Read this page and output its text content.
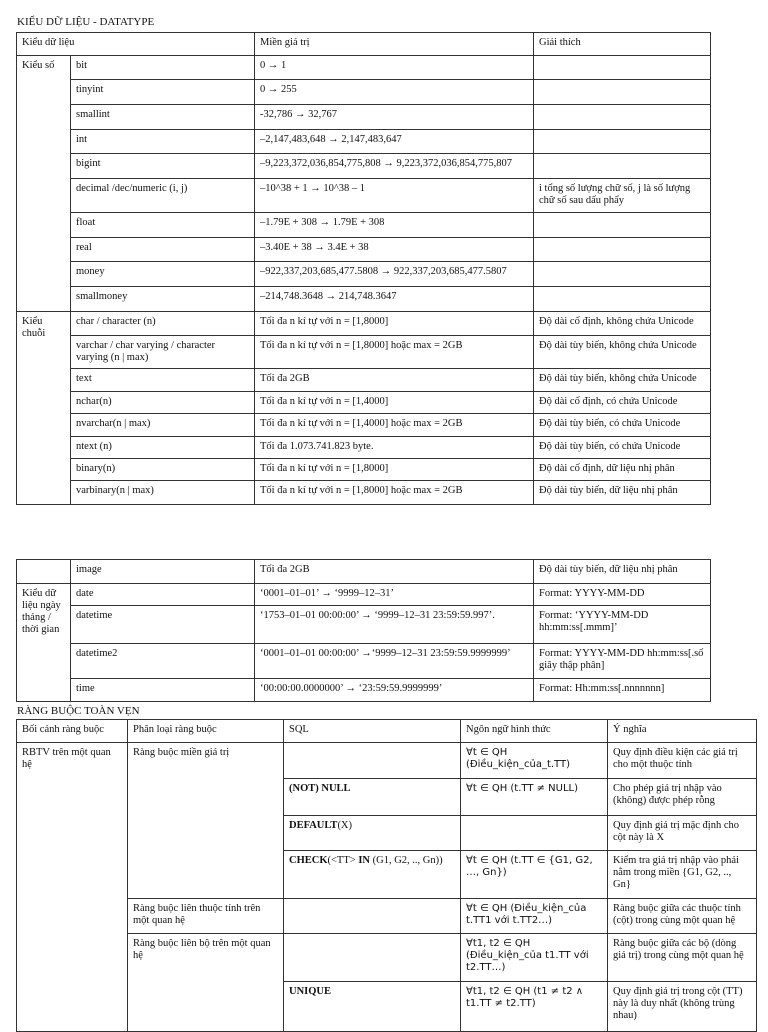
KIỂU DỮ LIỆU - DATATYPE
Kiểu dữ liệu		Miền giá trị	Giải thích
Kiểu số	bit	0 → 1	
	tinyint	0 → 255	
	smallint	-32,786 → 32,767	
	int	–2,147,483,648 → 2,147,483,647	
	bigint	–9,223,372,036,854,775,808 → 9,223,372,036,854,775,807	
	decimal /dec/numeric (i, j)	–10^38 + 1 → 10^38 – 1	i tổng số lượng chữ số, j là số lượng chữ số sau dấu phẩy
	float	–1.79E + 308 → 1.79E + 308	
	real	–3.40E + 38 → 3.4E + 38	
	money	–922,337,203,685,477.5808 → 922,337,203,685,477.5807	
	smallmoney	–214,748.3648 → 214,748.3647	
Kiểu chuỗi	char / character (n)	Tối đa n kí tự với n = [1,8000]	Độ dài cố định, không chứa Unicode
	varchar / char varying / character varying (n | max)	Tối đa n kí tự với n = [1,8000] hoặc max = 2GB	Độ dài tùy biến, không chứa Unicode
	text	Tối đa 2GB	Độ dài tùy biến, không chứa Unicode
	nchar(n)	Tối đa n kí tự với n = [1,4000]	Độ dài cố định, có chứa Unicode
	nvarchar(n | max)	Tối đa n kí tự với n = [1,4000] hoặc max = 2GB	Độ dài tùy biến, có chứa Unicode
	ntext (n)	Tối đa 1.073.741.823 byte.	Độ dài tùy biến, có chứa Unicode
	binary(n)	Tối đa n kí tự với n = [1,8000]	Độ dài cố định, dữ liệu nhị phân
	varbinary(n | max)	Tối đa n kí tự với n = [1,8000] hoặc max = 2GB	Độ dài tùy biến, dữ liệu nhị phân
	image	Tối đa 2GB	Độ dài tùy biến, dữ liệu nhị phân
Kiểu dữ liệu ngày tháng / thời gian	date	‘0001–01–01’ → ‘9999–12–31’	Format: YYYY-MM-DD
	datetime	‘1753–01–01 00:00:00’ → ‘9999–12–31 23:59:59.997’.	Format: ‘YYYY-MM-DD hh:mm:ss[.mmm]’
	datetime2	‘0001–01–01 00:00:00’ →‘9999–12–31 23:59:59.9999999’	Format: YYYY-MM-DD hh:mm:ss[.số giây thập phân]
	time	‘00:00:00.0000000’ → ‘23:59:59.9999999’	Format: Hh:mm:ss[.nnnnnnn]
RÀNG BUỘC TOÀN VẸN
Bối cảnh ràng buộc	Phân loại ràng buộc	SQL	Ngôn ngữ hình thức	Ý nghĩa
RBTV trên một quan hệ	Ràng buộc miền giá trị		∀t ∈ QH (Điều_kiện_của_t.TT)	Quy định điều kiện các giá trị cho một thuộc tính
		(NOT) NULL	∀t ∈ QH (t.TT ≠ NULL)	Cho phép giá trị nhập vào (không) được phép rỗng
		DEFAULT(X)		Quy định giá trị mặc định cho cột này là X
		CHECK(<TT> IN (G1, G2, .., Gn))	∀t ∈ QH (t.TT ∈ {G1, G2, …, Gn})	Kiểm tra giá trị nhập vào phải nằm trong miền {G1, G2, .., Gn}
	Ràng buộc liên thuộc tính trên một quan hệ		∀t ∈ QH (Điều_kiện_của t.TT1 với t.TT2…)	Ràng buộc giữa các thuộc tính (cột) trong cùng một quan hệ
	Ràng buộc liên bộ trên một quan hệ		∀t1, t2 ∈ QH (Điều_kiện_của t1.TT với t2.TT…)	Ràng buộc giữa các bộ (dòng giá trị) trong cùng một quan hệ
		UNIQUE	∀t1, t2 ∈ QH (t1 ≠ t2 ∧ t1.TT ≠ t2.TT)	Quy định giá trị trong cột (TT) này là duy nhất (không trùng nhau)
